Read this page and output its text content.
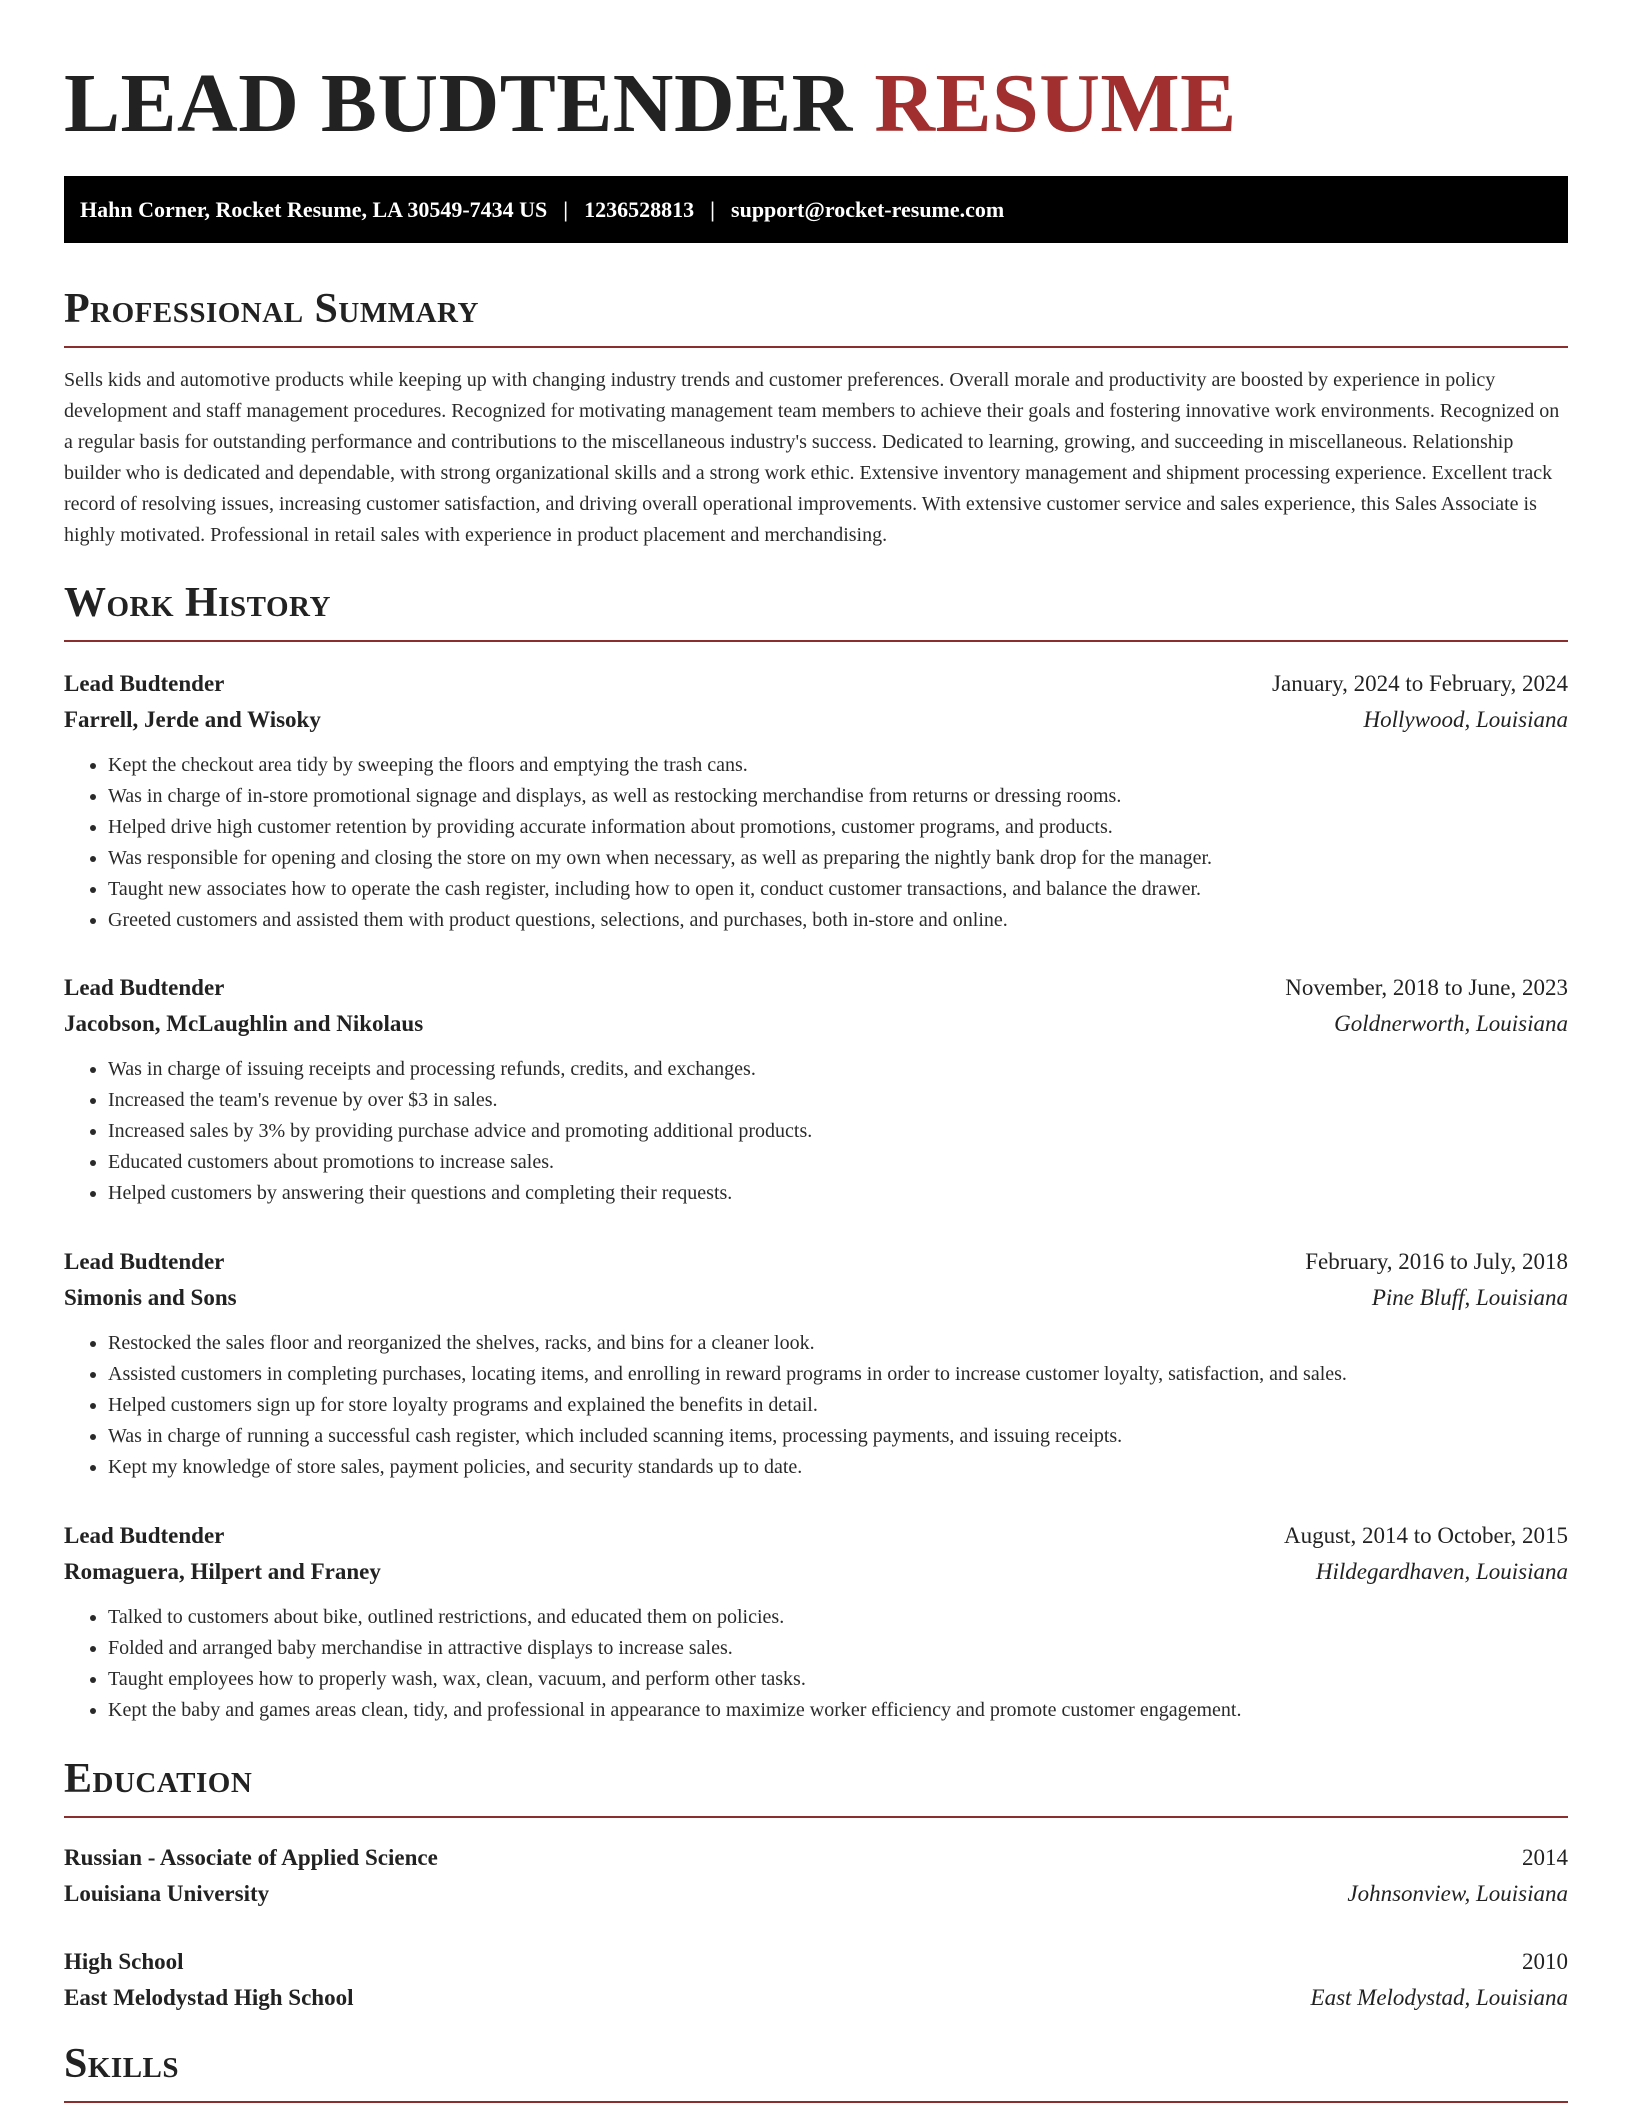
LEAD BUDTENDER RESUME
Hahn Corner, Rocket Resume, LA 30549-7434 US | 1236528813 | support@rocket-resume.com
Professional Summary

Sells kids and automotive products while keeping up with changing industry trends and customer preferences. Overall morale and productivity are boosted by experience in policy development and staff management procedures. Recognized for motivating management team members to achieve their goals and fostering innovative work environments. Recognized on a regular basis for outstanding performance and contributions to the miscellaneous industry's success. Dedicated to learning, growing, and succeeding in miscellaneous. Relationship builder who is dedicated and dependable, with strong organizational skills and a strong work ethic. Extensive inventory management and shipment processing experience. Excellent track record of resolving issues, increasing customer satisfaction, and driving overall operational improvements. With extensive customer service and sales experience, this Sales Associate is highly motivated. Professional in retail sales with experience in product placement and merchandising.

Work History
Lead Budtender	January, 2024 to February, 2024
Farrell, Jerde and Wisoky	Hollywood, Louisiana
• Kept the checkout area tidy by sweeping the floors and emptying the trash cans.
• Was in charge of in-store promotional signage and displays, as well as restocking merchandise from returns or dressing rooms.
• Helped drive high customer retention by providing accurate information about promotions, customer programs, and products.
• Was responsible for opening and closing the store on my own when necessary, as well as preparing the nightly bank drop for the manager.
• Taught new associates how to operate the cash register, including how to open it, conduct customer transactions, and balance the drawer.
• Greeted customers and assisted them with product questions, selections, and purchases, both in-store and online.
Lead Budtender	November, 2018 to June, 2023
Jacobson, McLaughlin and Nikolaus	Goldnerworth, Louisiana
• Was in charge of issuing receipts and processing refunds, credits, and exchanges.
• Increased the team's revenue by over $3 in sales.
• Increased sales by 3% by providing purchase advice and promoting additional products.
• Educated customers about promotions to increase sales.
• Helped customers by answering their questions and completing their requests.
Lead Budtender	February, 2016 to July, 2018
Simonis and Sons	Pine Bluff, Louisiana
• Restocked the sales floor and reorganized the shelves, racks, and bins for a cleaner look.
• Assisted customers in completing purchases, locating items, and enrolling in reward programs in order to increase customer loyalty, satisfaction, and sales.
• Helped customers sign up for store loyalty programs and explained the benefits in detail.
• Was in charge of running a successful cash register, which included scanning items, processing payments, and issuing receipts.
• Kept my knowledge of store sales, payment policies, and security standards up to date.
Lead Budtender	August, 2014 to October, 2015
Romaguera, Hilpert and Franey	Hildegardhaven, Louisiana
• Talked to customers about bike, outlined restrictions, and educated them on policies.
• Folded and arranged baby merchandise in attractive displays to increase sales.
• Taught employees how to properly wash, wax, clean, vacuum, and perform other tasks.
• Kept the baby and games areas clean, tidy, and professional in appearance to maximize worker efficiency and promote customer engagement.
Education
Russian - Associate of Applied Science	2014
Louisiana University	Johnsonview, Louisiana
High School	2010
East Melodystad High School	East Melodystad, Louisiana
Skills
